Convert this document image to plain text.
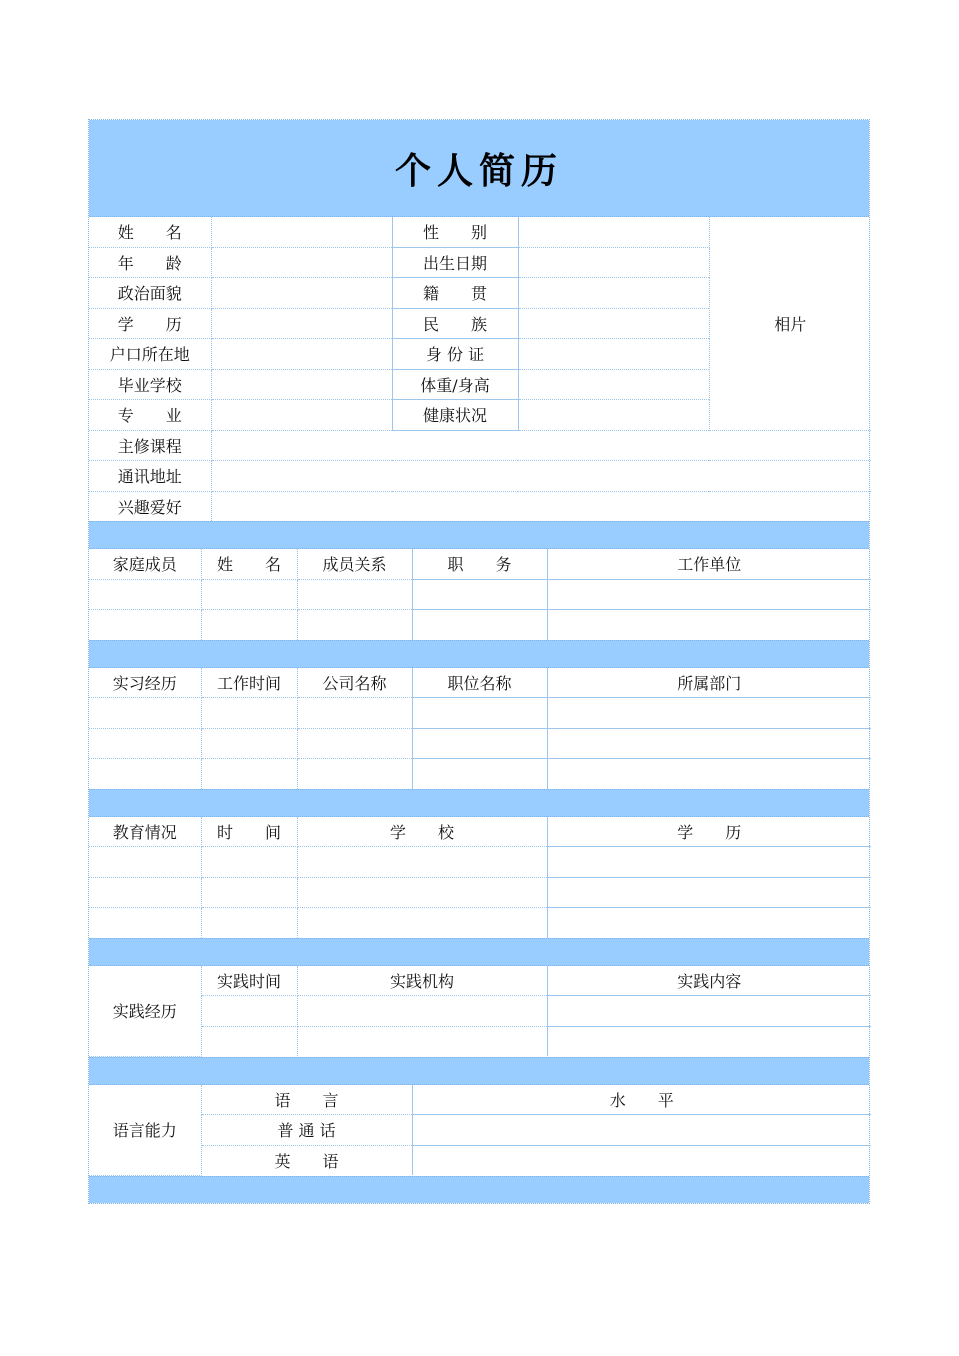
个人简历
姓　　名		性　　别		相片
年　　龄		出生日期		
政治面貌		籍　　贯		
学　　历		民　　族		
户口所在地		身 份 证		
毕业学校		体重/身高		
专　　业		健康状况		
主修课程				
通讯地址				
兴趣爱好				
家庭成员	姓　　名	成员关系	职　　务	工作单位

实习经历	工作时间	公司名称	职位名称	所属部门

教育情况	时　　间	学　　校	学　　历

实践经历	实践时间	实践机构	实践内容

语言能力	语　　言	水　　平
	普 通 话	
	英　　语	
